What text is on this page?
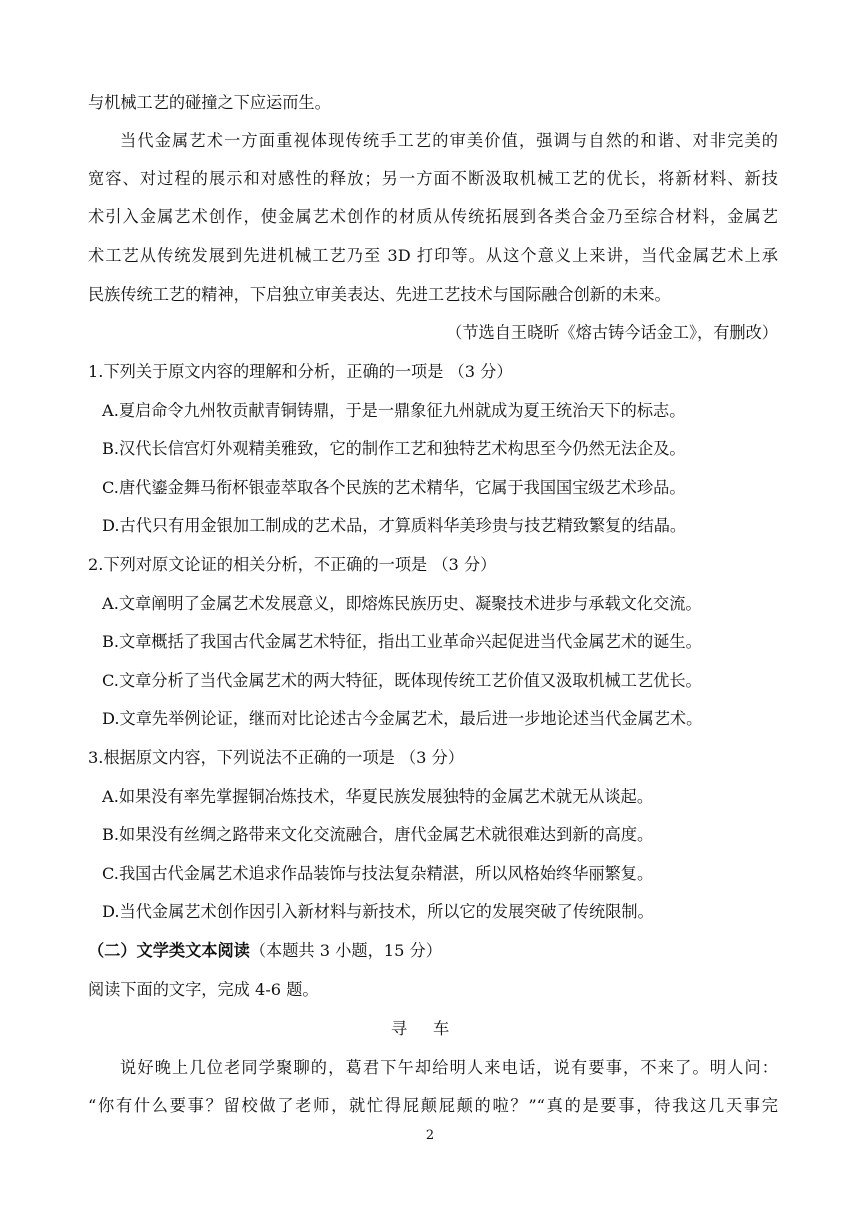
与机械工艺的碰撞之下应运而生。
当代金属艺术一方面重视体现传统手工艺的审美价值，强调与自然的和谐、对非完美的
宽容、对过程的展示和对感性的释放；另一方面不断汲取机械工艺的优长，将新材料、新技
术引入金属艺术创作，使金属艺术创作的材质从传统拓展到各类合金乃至综合材料，金属艺
术工艺从传统发展到先进机械工艺乃至 3D 打印等。从这个意义上来讲，当代金属艺术上承
民族传统工艺的精神，下启独立审美表达、先进工艺技术与国际融合创新的未来。
（节选自王晓昕《熔古铸今话金工》，有删改）
1.下列关于原文内容的理解和分析，正确的一项是 （3 分）
A.夏启命令九州牧贡献青铜铸鼎，于是一鼎象征九州就成为夏王统治天下的标志。
B.汉代长信宫灯外观精美雅致，它的制作工艺和独特艺术构思至今仍然无法企及。
C.唐代鎏金舞马衔杯银壶萃取各个民族的艺术精华，它属于我国国宝级艺术珍品。
D.古代只有用金银加工制成的艺术品，才算质料华美珍贵与技艺精致繁复的结晶。
2.下列对原文论证的相关分析，不正确的一项是 （3 分）
A.文章阐明了金属艺术发展意义，即熔炼民族历史、凝聚技术进步与承载文化交流。
B.文章概括了我国古代金属艺术特征，指出工业革命兴起促进当代金属艺术的诞生。
C.文章分析了当代金属艺术的两大特征，既体现传统工艺价值又汲取机械工艺优长。
D.文章先举例论证，继而对比论述古今金属艺术，最后进一步地论述当代金属艺术。
3.根据原文内容，下列说法不正确的一项是 （3 分）
A.如果没有率先掌握铜冶炼技术，华夏民族发展独特的金属艺术就无从谈起。
B.如果没有丝绸之路带来文化交流融合，唐代金属艺术就很难达到新的高度。
C.我国古代金属艺术追求作品装饰与技法复杂精湛，所以风格始终华丽繁复。
D.当代金属艺术创作因引入新材料与新技术，所以它的发展突破了传统限制。
（二）文学类文本阅读（本题共 3 小题，15 分）
阅读下面的文字，完成 4-6 题。
寻车
说好晚上几位老同学聚聊的，葛君下午却给明人来电话，说有要事，不来了。明人问：
“你有什么要事？留校做了老师，就忙得屁颠屁颠的啦？”“真的是要事，待我这几天事完
2
